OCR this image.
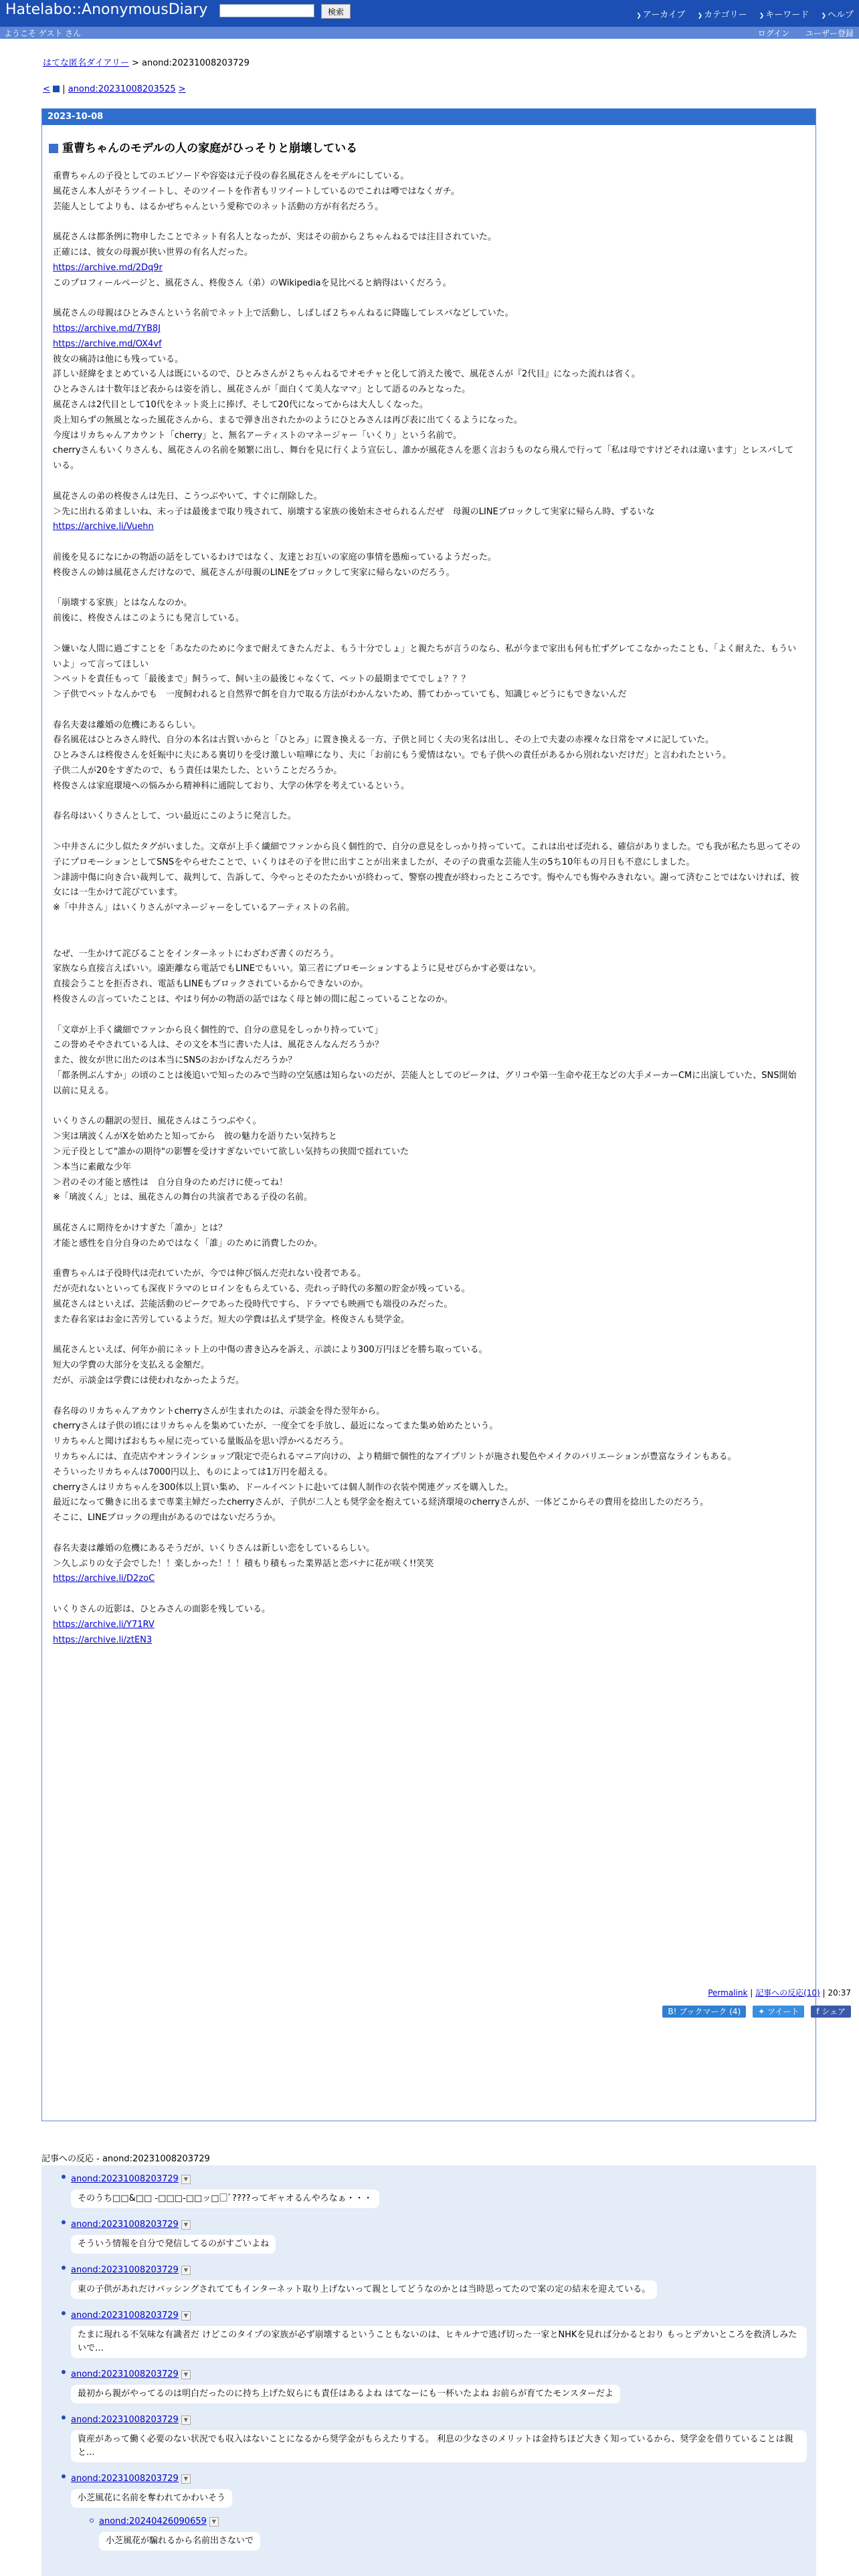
Hatelabo::AnonymousDiary	検索	❯ アーカイブ ❯ カテゴリー ❯ キーワード ❯ ヘルプ
ようこそ ゲスト さん	ログイン ユーザー登録
はてな匿名ダイアリー > anond:20231008203729
<  | anond:20231008203525 >
2023-10-08
重曹ちゃんのモデルの人の家庭がひっそりと崩壊している

重曹ちゃんの子役としてのエピソードや容姿は元子役の春名風花さんをモデルにしている。

風花さん本人がそうツイートし、そのツイートを作者もリツイートしているのでこれは噂ではなくガチ。

芸能人としてよりも、はるかぜちゃんという愛称でのネット活動の方が有名だろう。

風花さんは都条例に物申したことでネット有名人となったが、実はその前から２ちゃんねるでは注目されていた。

正確には、彼女の母親が狭い世界の有名人だった。

https://archive.md/2Dq9r

このプロフィールページと、風花さん、柊俊さん（弟）のWikipediaを見比べると納得はいくだろう。

風花さんの母親はひとみさんという名前でネット上で活動し、しばしば２ちゃんねるに降臨してレスバなどしていた。

https://archive.md/7YB8J

https://archive.md/OX4vf

彼女の痛詩は他にも残っている。

詳しい経緯をまとめている人は既にいるので、ひとみさんが２ちゃんねるでオモチャと化して消えた後で、風花さんが『2代目』になった流れは省く。

ひとみさんは十数年ほど表からは姿を消し、風花さんが「面白くて美人なママ」として語るのみとなった。

風花さんは2代目として10代をネット炎上に捧げ、そして20代になってからは大人しくなった。

炎上知らずの無風となった風花さんから、まるで弾き出されたかのようにひとみさんは再び表に出てくるようになった。

今度はリカちゃんアカウント「cherry」と、無名アーティストのマネージャー「いくり」という名前で。

cherryさんもいくりさんも、風花さんの名前を頻繁に出し、舞台を見に行くよう宣伝し、誰かが風花さんを悪く言おうものなら飛んで行って「私は母ですけどそれは違います」とレスバしている。

風花さんの弟の柊俊さんは先日、こうつぶやいて、すぐに削除した。

＞先に出れる弟ましいね、末っ子は最後まで取り残されて、崩壊する家族の後始末させられるんだぜ　母親のLINEブロックして実家に帰らん時、ずるいな

https://archive.li/Vuehn

前後を見るになにかの物語の話をしているわけではなく、友達とお互いの家庭の事情を愚痴っているようだった。

柊俊さんの姉は風花さんだけなので、風花さんが母親のLINEをブロックして実家に帰らないのだろう。

「崩壊する家族」とはなんなのか。

前後に、柊俊さんはこのようにも発言している。

＞嫌いな人間に過ごすことを「あなたのために今まで耐えてきたんだよ、もう十分でしょ」と親たちが言うのなら、私が今まで家出も何も忙ずグレてこなかったことも、「よく耐えた、もういいよ」って言ってほしい

＞ペットを責任もって「最後まで」飼うって、飼い主の最後じゃなくて、ペットの最期までてでしょ？？？

＞子供でペットなんかでも　一度飼われると自然界で餌を自力で取る方法がわかんないため、勝てわかっていても、知識じゃどうにもできないんだ

春名夫妻は離婚の危機にあるらしい。

春名風花はひとみさん時代、自分の本名は古賀いからと「ひとみ」に置き換える一方、子供と同じく夫の実名は出し、その上で夫妻の赤裸々な日常をマメに記していた。

ひとみさんは柊俊さんを妊娠中に夫にある裏切りを受け激しい喧嘩になり、夫に「お前にもう愛情はない。でも子供への責任があるから別れないだけだ」と言われたという。

子供二人が20をすぎたので、もう責任は果たした、ということだろうか。

柊俊さんは家庭環境への悩みから精神科に通院しており、大学の休学を考えているという。

春名母はいくりさんとして、つい最近にこのように発言した。

＞中井さんに少し似たタグがいました。文章が上手く繊細でファンから良く個性的で、自分の意見をしっかり持っていて。これは出せば売れる、確信がありました。でも我が私たち思ってその子にプロモーションとしてSNSをやらせたことで、いくりはその子を世に出すことが出来ましたが、その子の貴重な芸能人生の5ち10年もの月日も不意にしました。

＞誹謗中傷に向き合い裁判して、裁判して、告訴して、今やっとそのたたかいが終わって、警察の捜査が終わったところです。悔やんでも悔やみきれない。謝って済むことではないければ、彼女には一生かけて詫びています。

※「中井さん」はいくりさんがマネージャーをしているアーティストの名前。

なぜ、一生かけて詫びることをインターネットにわざわざ書くのだろう。

家族なら直接言えばいい。遠距離なら電話でもLINEでもいい。第三者にプロモーションするように見せびらかす必要はない。

直接会うことを拒否され、電話もLINEもブロックされているからできないのか。

柊俊さんの言っていたことは、やはり何かの物語の話ではなく母と姉の間に起こっていることなのか。

「文章が上手く繊細でファンから良く個性的で、自分の意見をしっかり持っていて」

この誉めそやされている人は、その文を本当に書いた人は、風花さんなんだろうか？

また、彼女が世に出たのは本当にSNSのおかげなんだろうか？

「都条例ぶんすか」の頃のことは後追いで知ったのみで当時の空気感は知らないのだが、芸能人としてのピークは、グリコや第一生命や花王などの大手メーカーCMに出演していた、SNS開始以前に見える。

いくりさんの翻訳の翌日、風花さんはこうつぶやく。

＞実は璃波くんがXを始めたと知ってから　彼の魅力を語りたい気持ちと

＞元子役として"誰かの期待"の影響を受けすぎないでいて欲しい気持ちの狭間で揺れていた

＞本当に素敵な少年

＞君のその才能と感性は　自分自身のためだけに使ってね！

※「璃波くん」とは、風花さんの舞台の共演者である子役の名前。

風花さんに期待をかけすぎた「誰か」とは？

才能と感性を自分自身のためではなく「誰」のために消費したのか。

重曹ちゃんは子役時代は売れていたが、今では伸び悩んだ売れない役者である。

だが売れないといっても深夜ドラマのヒロインをもらえている、売れっ子時代の多額の貯金が残っている。

風花さんはといえば、芸能活動のピークであった役時代ですら、ドラマでも映画でも端役のみだった。

また春名家はお金に苦労しているようだ。短大の学費は払えず奨学金。柊俊さんも奨学金。

風花さんといえば、何年か前にネット上の中傷の書き込みを訴え、示談により300万円ほどを勝ち取っている。

短大の学費の大部分を支払える金額だ。

だが、示談金は学費には使われなかったようだ。

春名母のリカちゃんアカウントcherryさんが生まれたのは、示談金を得た翌年から。

cherryさんは子供の頃にはリカちゃんを集めていたが、一度全てを手放し、最近になってまた集め始めたという。

リカちゃんと聞けばおもちゃ屋に売っている量販品を思い浮かべるだろう。

リカちゃんには、直売店やオンラインショップ限定で売られるマニア向けの、より精細で個性的なアイプリントが施され髪色やメイクのバリエーションが豊富なラインもある。

そういったリカちゃんは7000円以上、ものによっては1万円を超える。

cherryさんはリカちゃんを300体以上買い集め、ドールイベントに赴いては個人制作の衣装や関連グッズを購入した。

最近になって働きに出るまで専業主婦だったcherryさんが、子供が二人とも奨学金を抱えている経済環境のcherryさんが、一体どこからその費用を捻出したのだろう。

そこに、LINEブロックの理由があるのではないだろうか。

春名夫妻は離婚の危機にあるそうだが、いくりさんは新しい恋をしているらしい。

＞久しぶりの女子会でした！！楽しかった！！！積もり積もった業界話と恋バナに花が咲く!!笑笑

https://archive.li/D2zoC

いくりさんの近影は、ひとみさんの面影を残している。

https://archive.li/Y71RV

https://archive.li/ztEN3

Permalink | 記事への反応(10) | 20:37
B! ブックマーク (4) ✦ ツイート f シェア
記事への反応 - anond:20231008203729
anond:20231008203729 ▼
そのうち□□&□□ -□□□-□□ッ□□ﾞ????ってギャオるんやろなぁ・・・
anond:20231008203729 ▼
そういう情報を自分で発信してるのがすごいよね
anond:20231008203729 ▼
東の子供があれだけバッシングされててもインターネット取り上げないって親としてどうなのかとは当時思ってたので案の定の結末を迎えている。
anond:20231008203729 ▼
たまに現れる不気味な有識者だ けどこのタイプの家族が必ず崩壊するということもないのは、ヒキルナで逃げ切った一家とNHKを見れば分かるとおり もっとデカいところを救済しみたいで…
anond:20231008203729 ▼
最初から親がやってるのは明白だったのに持ち上げた奴らにも責任はあるよね はてなーにも一杯いたよね お前らが育てたモンスターだよ
anond:20231008203729 ▼
資産があって働く必要のない状況でも収入はないことになるから奨学金がもらえたりする。 利息の少なさのメリットは金持ちほど大きく知っているから、奨学金を借りていることは親と...
anond:20231008203729 ▼
小芝風花に名前を奪われてかわいそう
anond:20240426090659 ▼
小芝風花が騙れるから名前出さないで
